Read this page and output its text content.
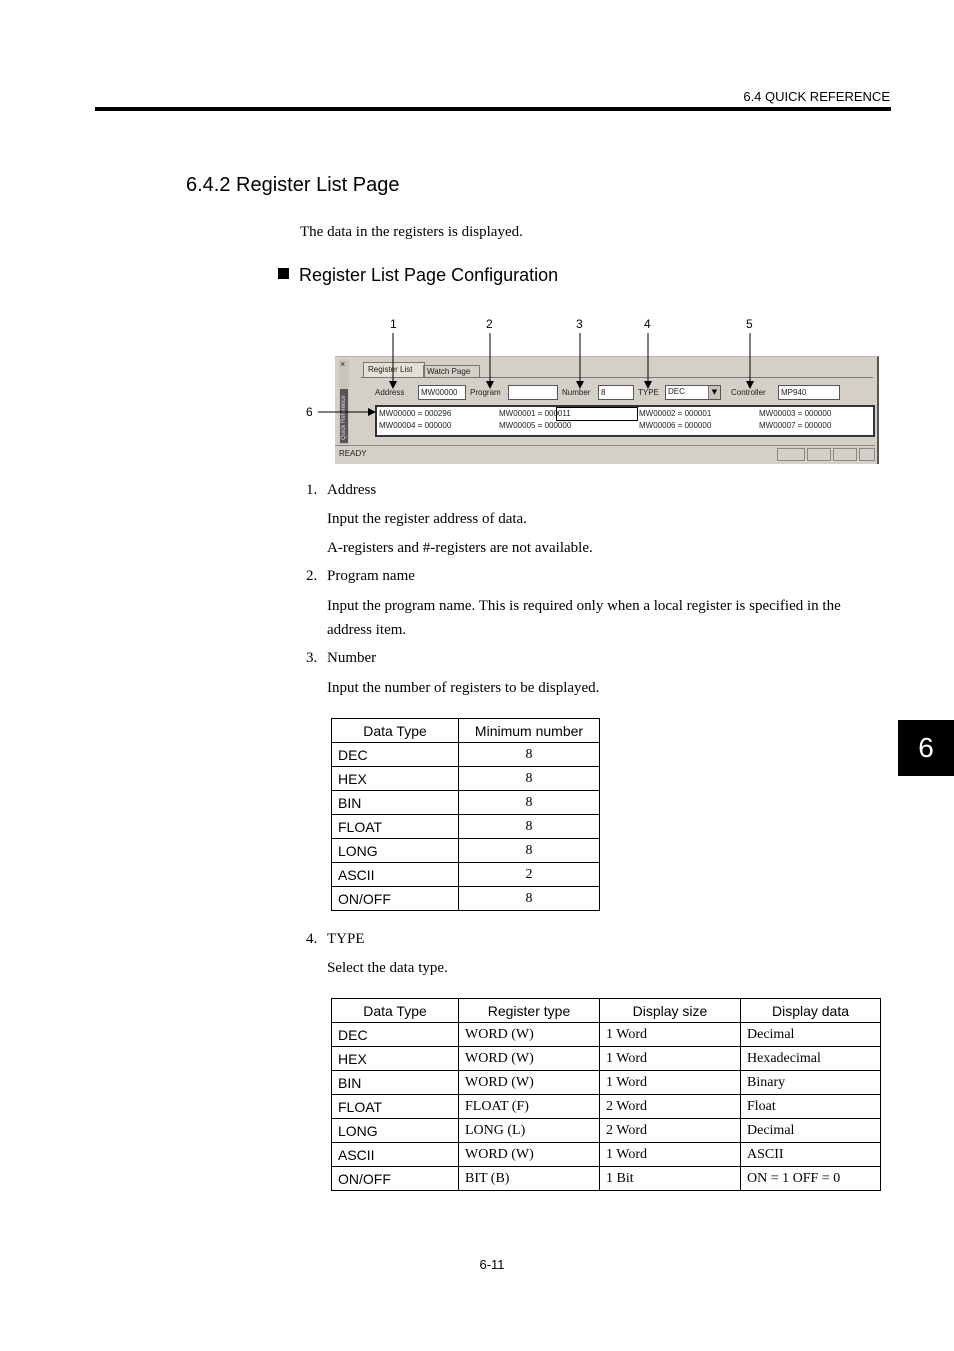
6.4 QUICK REFERENCE
6.4.2 Register List Page
The data in the registers is displayed.
Register List Page Configuration
1	2	3	4	5
6
×
Quick Reference
Register List	Watch Page
Address	MW00000	Program	Number	8	TYPE DEC	▼	Controller	MP940
MW00000 = 000296	MW00001 = 000011	MW00002 = 000001	MW00003 = 000000
MW00004 = 000000	MW00005 = 000000	MW00006 = 000000	MW00007 = 000000
READY
1. Address
Input the register address of data.
A-registers and #-registers are not available.
2. Program name
Input the program name. This is required only when a local register is specified in the address item.
3. Number
Input the number of registers to be displayed.
Data Type	Minimum number
DEC	8
HEX	8
BIN	8
FLOAT	8
LONG	8
ASCII	2
ON/OFF	8
4. TYPE
Select the data type.
Data Type	Register type	Display size	Display data
DEC	WORD (W)	1 Word	Decimal
HEX	WORD (W)	1 Word	Hexadecimal
BIN	WORD (W)	1 Word	Binary
FLOAT	FLOAT (F)	2 Word	Float
LONG	LONG (L)	2 Word	Decimal
ASCII	WORD (W)	1 Word	ASCII
ON/OFF	BIT (B)	1 Bit	ON = 1 OFF = 0
6
6-11
